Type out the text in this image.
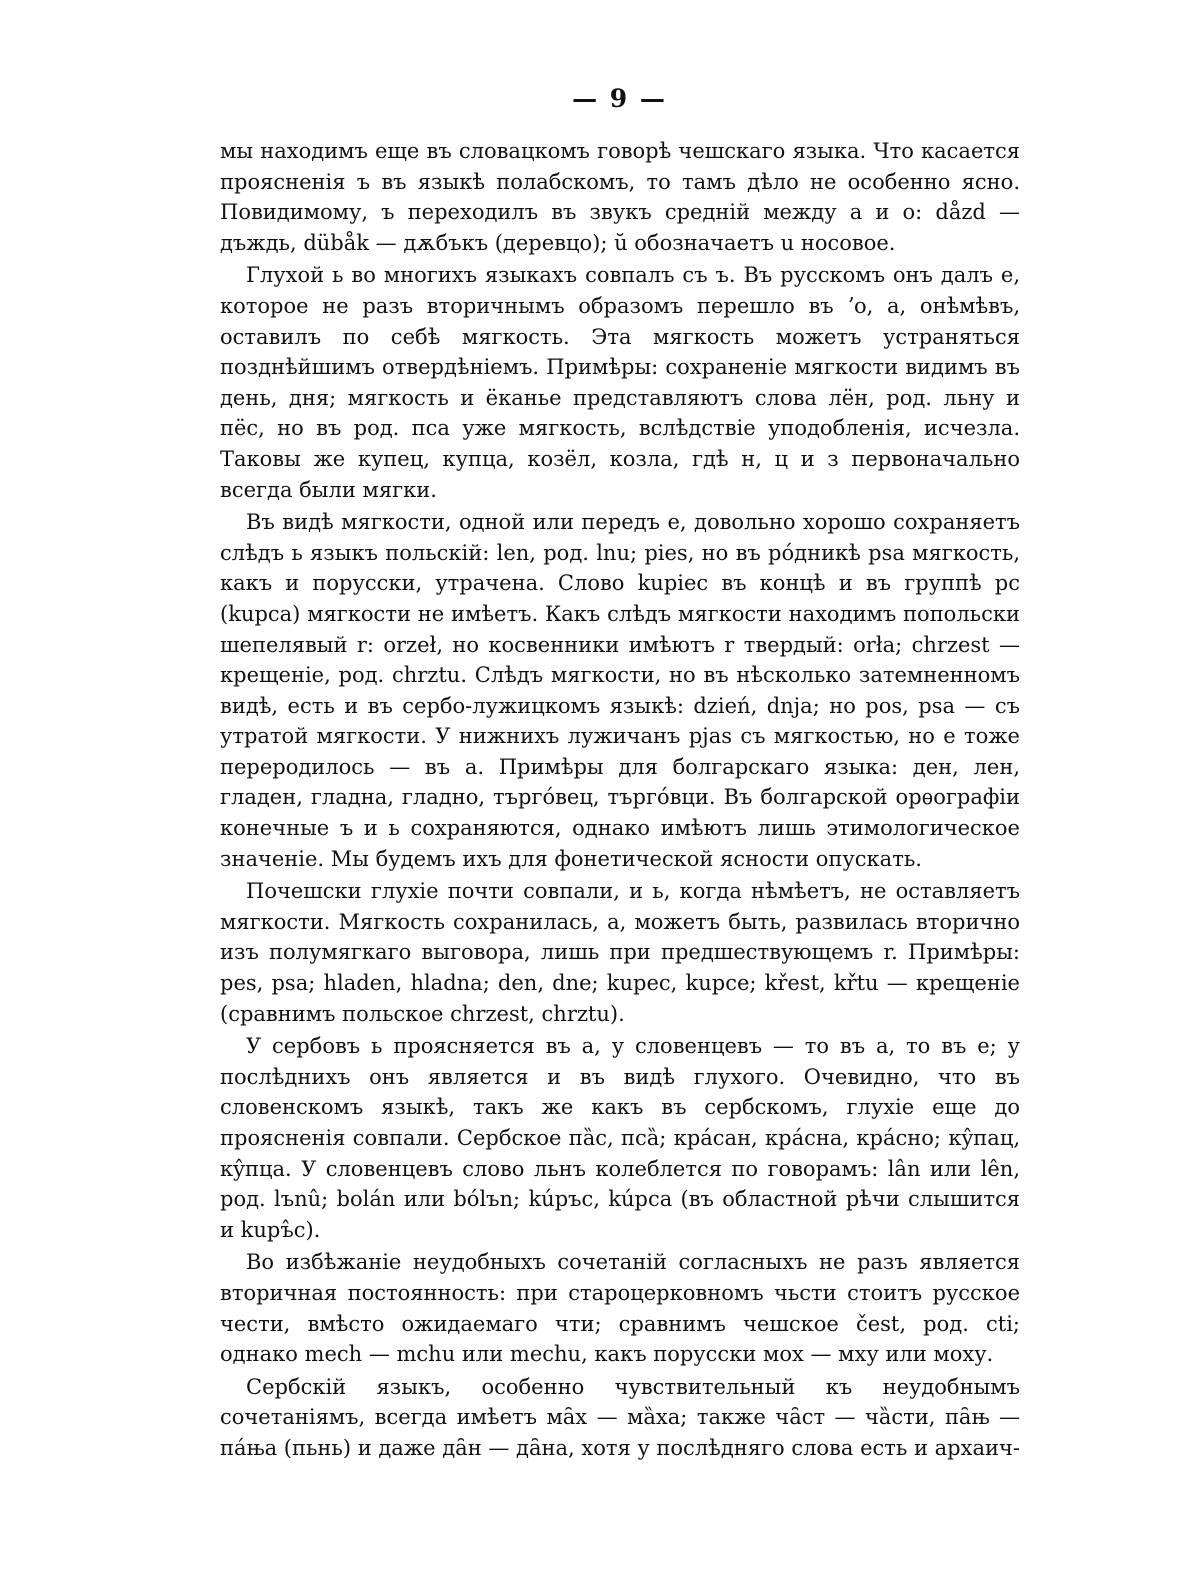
— 9 —

мы находимъ еще въ словацкомъ говорѣ чешскаго языка. Что касается проясненія ъ въ языкѣ полабскомъ, то тамъ дѣло не особенно ясно. Повидимому, ъ переходилъ въ звукъ средній между а и о: dåzd — дъждь, dübåk — дѫбъкъ (деревцо); ŭ обозначаетъ u носовое.

Глухой ь во многихъ языкахъ совпалъ съ ъ. Въ русскомъ онъ далъ е, которое не разъ вторичнымъ образомъ перешло въ ʼо, а, онѣмѣвъ, оставилъ по себѣ мягкость. Эта мягкость можетъ устраняться позднѣйшимъ отвердѣніемъ. Примѣры: сохраненіе мягкости видимъ въ день, дня; мягкость и ёканье представляютъ слова лён, род. льну и пёс, но въ род. пса уже мягкость, вслѣдствіе уподобленія, исчезла. Таковы же купец, купца, козёл, козла, гдѣ н, ц и з первоначально всегда были мягки.

Въ видѣ мягкости, одной или передъ е, довольно хорошо сохраняетъ слѣдъ ь языкъ польскій: len, род. lnu; pies, но въ рóдникѣ psa мягкость, какъ и порусски, утрачена. Слово kupiec въ концѣ и въ группѣ pc (kupca) мягкости не имѣетъ. Какъ слѣдъ мягкости находимъ попольски шепелявый r: orzeł, но косвенники имѣютъ r твердый: orła; chrzest — крещеніе, род. chrztu. Слѣдъ мягкости, но въ нѣсколько затемненномъ видѣ, есть и въ сербо-лужицкомъ языкѣ: dzień, dnja; но pos, psa — съ утратой мягкости. У нижнихъ лужичанъ pjas съ мягкостью, но е тоже переродилось — въ а. Примѣры для болгарскаго языка: ден, лен, гладен, гладна, гладно, търгóвец, търгóвци. Въ болгарской орѳографіи конечные ъ и ь сохраняются, однако имѣютъ лишь этимологическое значеніе. Мы будемъ ихъ для фонетической ясности опускать.

Почешски глухіе почти совпали, и ь, когда нѣмѣетъ, не оставляетъ мягкости. Мягкость сохранилась, а, можетъ быть, развилась вторично изъ полумягкаго выговора, лишь при предшествующемъ r. Примѣры: pes, psa; hladen, hladna; den, dne; kupec, kupce; křest, křtu — крещеніе (сравнимъ польское chrzest, chrztu).

У сербовъ ь проясняется въ а, у словенцевъ — то въ а, то въ е; у послѣднихъ онъ является и въ видѣ глухого. Очевидно, что въ словенскомъ языкѣ, такъ же какъ въ сербскомъ, глухіе еще до проясненія совпали. Сербское пȁс, псȁ; крáсан, крáсна, крáсно; кŷпац, кŷпца. У словенцевъ слово льнъ колеблется по говорамъ: lân или lên, род. lъnû; bolán или bólъn; kúpъc, kúpca (въ областной рѣчи слышится и kupъ̂c).

Во избѣжаніе неудобныхъ сочетаній согласныхъ не разъ является вторичная постоянность: при староцерковномъ чьсти стоитъ русское чести, вмѣсто ожидаемаго чти; сравнимъ чешское čest, род. cti; однако mech — mchu или mechu, какъ порусски мох — мху или моху.

Сербскій языкъ, особенно чувствительный къ неудобнымъ сочетаніямъ, всегда имѣетъ мȃх — мȁха; также чȃст — чȁсти, пȃњ — пáња (пьнь) и даже дȃн — дȃна, хотя у послѣдняго слова есть и архаич-
